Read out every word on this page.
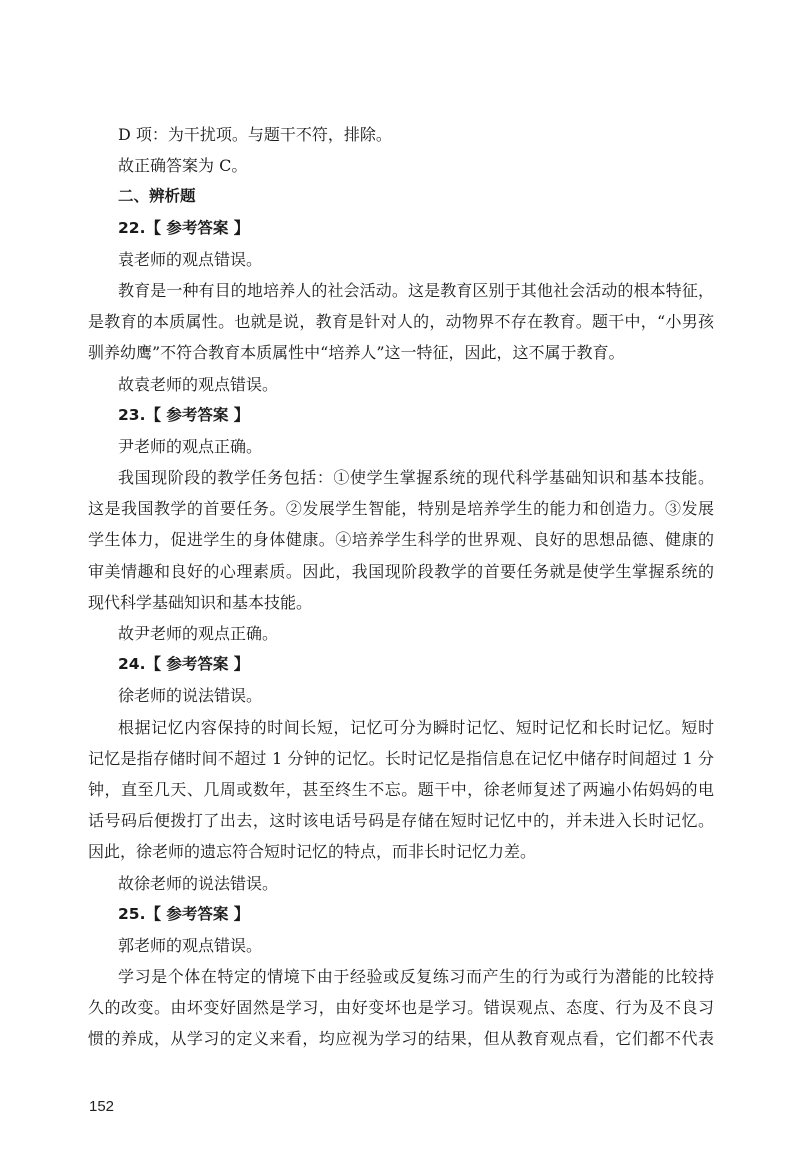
D 项：为干扰项。与题干不符，排除。
故正确答案为 C。
二、辨析题
22.【 参考答案 】
袁老师的观点错误。
教育是一种有目的地培养人的社会活动。这是教育区别于其他社会活动的根本特征，
是教育的本质属性。也就是说，教育是针对人的，动物界不存在教育。题干中，“小男孩
驯养幼鹰”不符合教育本质属性中“培养人”这一特征，因此，这不属于教育。
故袁老师的观点错误。
23.【 参考答案 】
尹老师的观点正确。
我国现阶段的教学任务包括：①使学生掌握系统的现代科学基础知识和基本技能。
这是我国教学的首要任务。②发展学生智能，特别是培养学生的能力和创造力。③发展
学生体力，促进学生的身体健康。④培养学生科学的世界观、良好的思想品德、健康的
审美情趣和良好的心理素质。因此，我国现阶段教学的首要任务就是使学生掌握系统的
现代科学基础知识和基本技能。
故尹老师的观点正确。
24.【 参考答案 】
徐老师的说法错误。
根据记忆内容保持的时间长短，记忆可分为瞬时记忆、短时记忆和长时记忆。短时
记忆是指存储时间不超过 1 分钟的记忆。长时记忆是指信息在记忆中储存时间超过 1 分
钟，直至几天、几周或数年，甚至终生不忘。题干中，徐老师复述了两遍小佑妈妈的电
话号码后便拨打了出去，这时该电话号码是存储在短时记忆中的，并未进入长时记忆。
因此，徐老师的遗忘符合短时记忆的特点，而非长时记忆力差。
故徐老师的说法错误。
25.【 参考答案 】
郭老师的观点错误。
学习是个体在特定的情境下由于经验或反复练习而产生的行为或行为潜能的比较持
久的改变。由坏变好固然是学习，由好变坏也是学习。错误观点、态度、行为及不良习
惯的养成，从学习的定义来看，均应视为学习的结果，但从教育观点看，它们都不代表
152
